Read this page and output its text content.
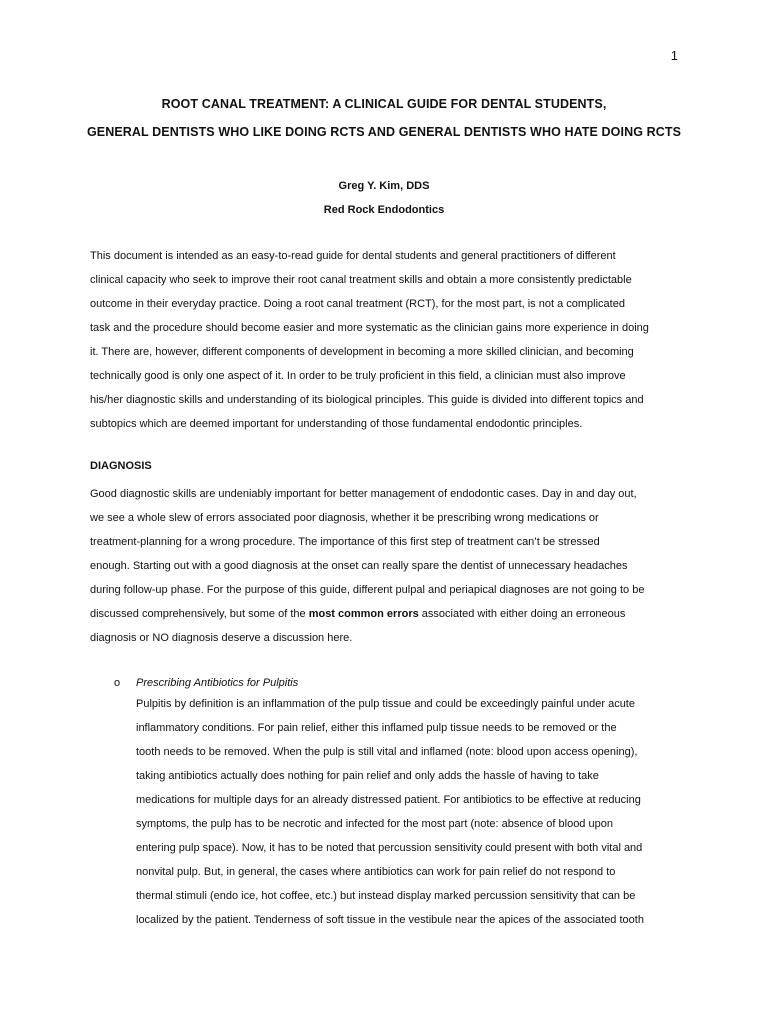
1
ROOT CANAL TREATMENT: A CLINICAL GUIDE FOR DENTAL STUDENTS,
GENERAL DENTISTS WHO LIKE DOING RCTS AND GENERAL DENTISTS WHO HATE DOING RCTS
Greg Y. Kim, DDS
Red Rock Endodontics
This document is intended as an easy-to-read guide for dental students and general practitioners of different
clinical capacity who seek to improve their root canal treatment skills and obtain a more consistently predictable
outcome in their everyday practice. Doing a root canal treatment (RCT), for the most part, is not a complicated
task and the procedure should become easier and more systematic as the clinician gains more experience in doing
it. There are, however, different components of development in becoming a more skilled clinician, and becoming
technically good is only one aspect of it. In order to be truly proficient in this field, a clinician must also improve
his/her diagnostic skills and understanding of its biological principles. This guide is divided into different topics and
subtopics which are deemed important for understanding of those fundamental endodontic principles.
DIAGNOSIS
Good diagnostic skills are undeniably important for better management of endodontic cases. Day in and day out,
we see a whole slew of errors associated poor diagnosis, whether it be prescribing wrong medications or
treatment-planning for a wrong procedure. The importance of this first step of treatment can’t be stressed
enough. Starting out with a good diagnosis at the onset can really spare the dentist of unnecessary headaches
during follow-up phase. For the purpose of this guide, different pulpal and periapical diagnoses are not going to be
discussed comprehensively, but some of the most common errors associated with either doing an erroneous
diagnosis or NO diagnosis deserve a discussion here.
o Prescribing Antibiotics for Pulpitis
Pulpitis by definition is an inflammation of the pulp tissue and could be exceedingly painful under acute
inflammatory conditions. For pain relief, either this inflamed pulp tissue needs to be removed or the
tooth needs to be removed. When the pulp is still vital and inflamed (note: blood upon access opening),
taking antibiotics actually does nothing for pain relief and only adds the hassle of having to take
medications for multiple days for an already distressed patient. For antibiotics to be effective at reducing
symptoms, the pulp has to be necrotic and infected for the most part (note: absence of blood upon
entering pulp space). Now, it has to be noted that percussion sensitivity could present with both vital and
nonvital pulp. But, in general, the cases where antibiotics can work for pain relief do not respond to
thermal stimuli (endo ice, hot coffee, etc.) but instead display marked percussion sensitivity that can be
localized by the patient. Tenderness of soft tissue in the vestibule near the apices of the associated tooth
